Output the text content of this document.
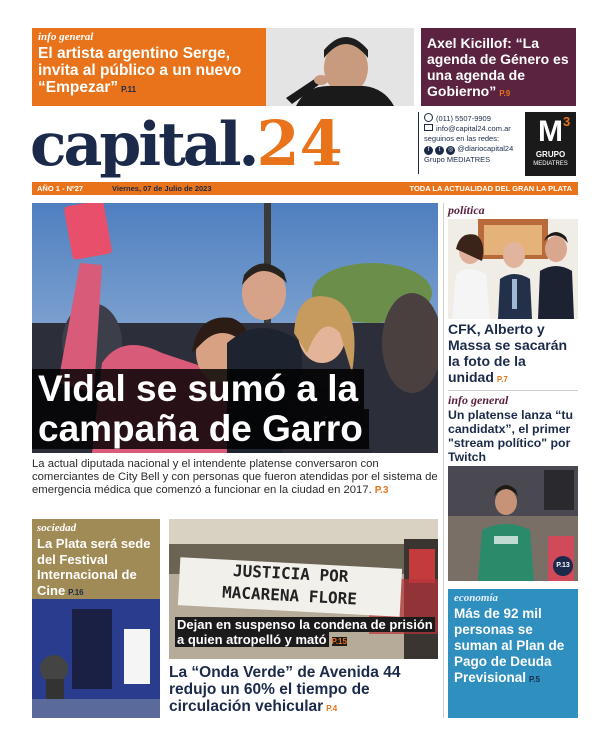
info general
El artista argentino Serge, invita al público a un nuevo “Empezar” P.11
Axel Kicillof: “La agenda de Género es una agenda de Gobierno” P.9
capital.24	(011) 5507-9909
info@capital24.com.ar
seguinos en las redes:
f t ◎ @diariocapital24
Grupo MEDIATRES
M 3
GRUPO
MEDIATRES
AÑO 1 - Nº27	Viernes, 07 de Julio de 2023	TODA LA ACTUALIDAD DEL GRAN LA PLATA
Vidal se sumó a la
campaña de Garro
La actual diputada nacional y el intendente platense conversaron con comerciantes de City Bell y con personas que fueron atendidas por el sistema de emergencia médica que comenzó a funcionar en la ciudad en 2017. P.3
política
CFK, Alberto y Massa se sacarán la foto de la unidad P.7
info general
Un platense lanza “tu candidatx”, el primer "stream político" por Twitch
P.13
economía
Más de 92 mil personas se suman al Plan de Pago de Deuda Previsional P.5
sociedad
La Plata será sede del Festival Internacional de Cine P.16
JUSTICIA POR
MACARENA FLORE
Dejan en suspenso la condena de prisión a quien atropelló y mató P.15
La “Onda Verde” de Avenida 44 redujo un 60% el tiempo de circulación vehicular P.4
